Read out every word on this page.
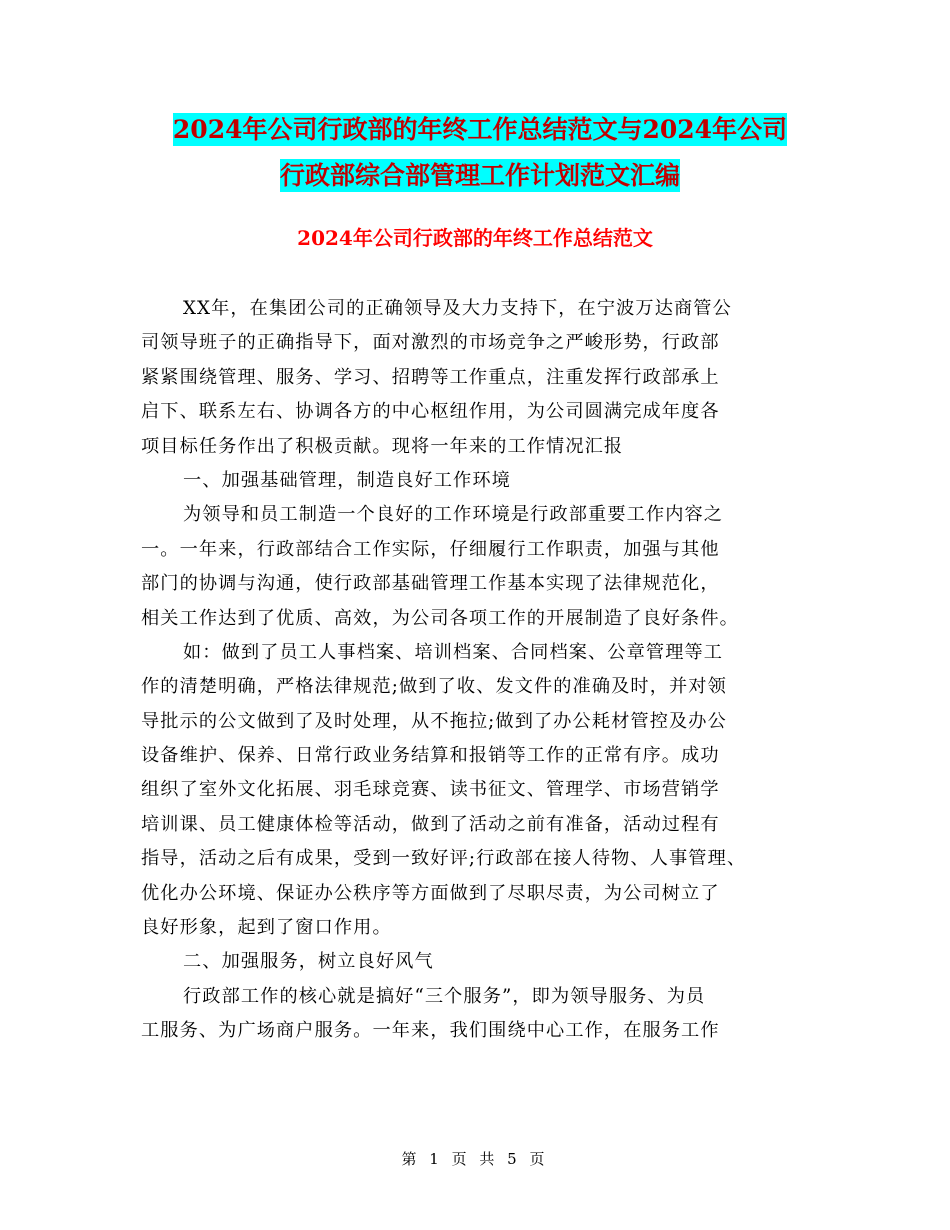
2024年公司行政部的年终工作总结范文与2024年公司
行政部综合部管理工作计划范文汇编
2024年公司行政部的年终工作总结范文
XX年，在集团公司的正确领导及大力支持下，在宁波万达商管公
司领导班子的正确指导下，面对激烈的市场竞争之严峻形势，行政部
紧紧围绕管理、服务、学习、招聘等工作重点，注重发挥行政部承上
启下、联系左右、协调各方的中心枢纽作用，为公司圆满完成年度各
项目标任务作出了积极贡献。现将一年来的工作情况汇报
一、加强基础管理，制造良好工作环境
为领导和员工制造一个良好的工作环境是行政部重要工作内容之
一。一年来，行政部结合工作实际，仔细履行工作职责，加强与其他
部门的协调与沟通，使行政部基础管理工作基本实现了法律规范化，
相关工作达到了优质、高效，为公司各项工作的开展制造了良好条件。
如：做到了员工人事档案、培训档案、合同档案、公章管理等工
作的清楚明确，严格法律规范;做到了收、发文件的准确及时，并对领
导批示的公文做到了及时处理，从不拖拉;做到了办公耗材管控及办公
设备维护、保养、日常行政业务结算和报销等工作的正常有序。成功
组织了室外文化拓展、羽毛球竞赛、读书征文、管理学、市场营销学
培训课、员工健康体检等活动，做到了活动之前有准备，活动过程有
指导，活动之后有成果，受到一致好评;行政部在接人待物、人事管理、
优化办公环境、保证办公秩序等方面做到了尽职尽责，为公司树立了
良好形象，起到了窗口作用。
二、加强服务，树立良好风气
行政部工作的核心就是搞好“三个服务”，即为领导服务、为员
工服务、为广场商户服务。一年来，我们围绕中心工作，在服务工作
第 1 页 共 5 页
